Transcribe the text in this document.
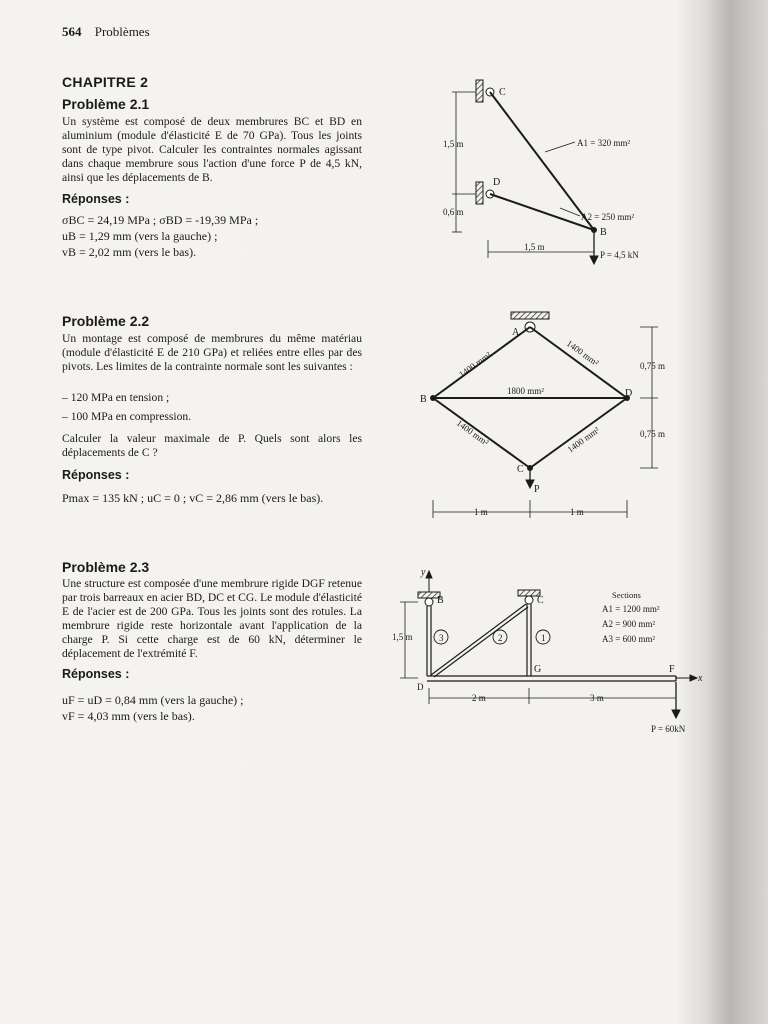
564 Problèmes
CHAPITRE 2
Problème 2.1
Un système est composé de deux membrures BC et BD en aluminium (module d'élasticité E de 70 GPa). Tous les joints sont de type pivot. Calculer les contraintes normales agissant dans chaque membrure sous l'action d'une force P de 4,5 kN, ainsi que les déplacements de B.
Réponses :
σBC = 24,19 MPa ; σBD = -19,39 MPa ;
uB = 1,29 mm (vers la gauche) ;
vB = 2,02 mm (vers le bas).
Problème 2.2
Un montage est composé de membrures du même matériau (module d'élasticité E de 210 GPa) et reliées entre elles par des pivots. Les limites de la contrainte normale sont les suivantes :
– 120 MPa en tension ;
– 100 MPa en compression.
Calculer la valeur maximale de P. Quels sont alors les déplacements de C ?
Réponses :
Pmax = 135 kN ; uC = 0 ; vC = 2,86 mm (vers le bas).
Problème 2.3
Une structure est composée d'une membrure rigide DGF retenue par trois barreaux en acier BD, DC et CG. Le module d'élasticité E de l'acier est de 200 GPa. Tous les joints sont des rotules. La membrure rigide reste horizontale avant l'application de la charge P. Si cette charge est de 60 kN, déterminer le déplacement de l'extrémité F.
Réponses :
uF = uD = 0,84 mm (vers la gauche) ;
vF = 4,03 mm (vers le bas).
C
D
B
1,5 m
0,6 m
1,5 m
A1 = 320 mm²
A2 = 250 mm²
P = 4,5 kN
A
B
D
C
P
1400 mm²	1400 mm²
1800 mm²
1400 mm²	1400 mm²
0,75 m
0,75 m
1 m	1 m
y
x
B	C
D
G	F
1
2
3
1,5 m
2 m	3 m
Sections
A1 = 1200 mm²
A2 = 900 mm²
A3 = 600 mm²
P = 60kN
